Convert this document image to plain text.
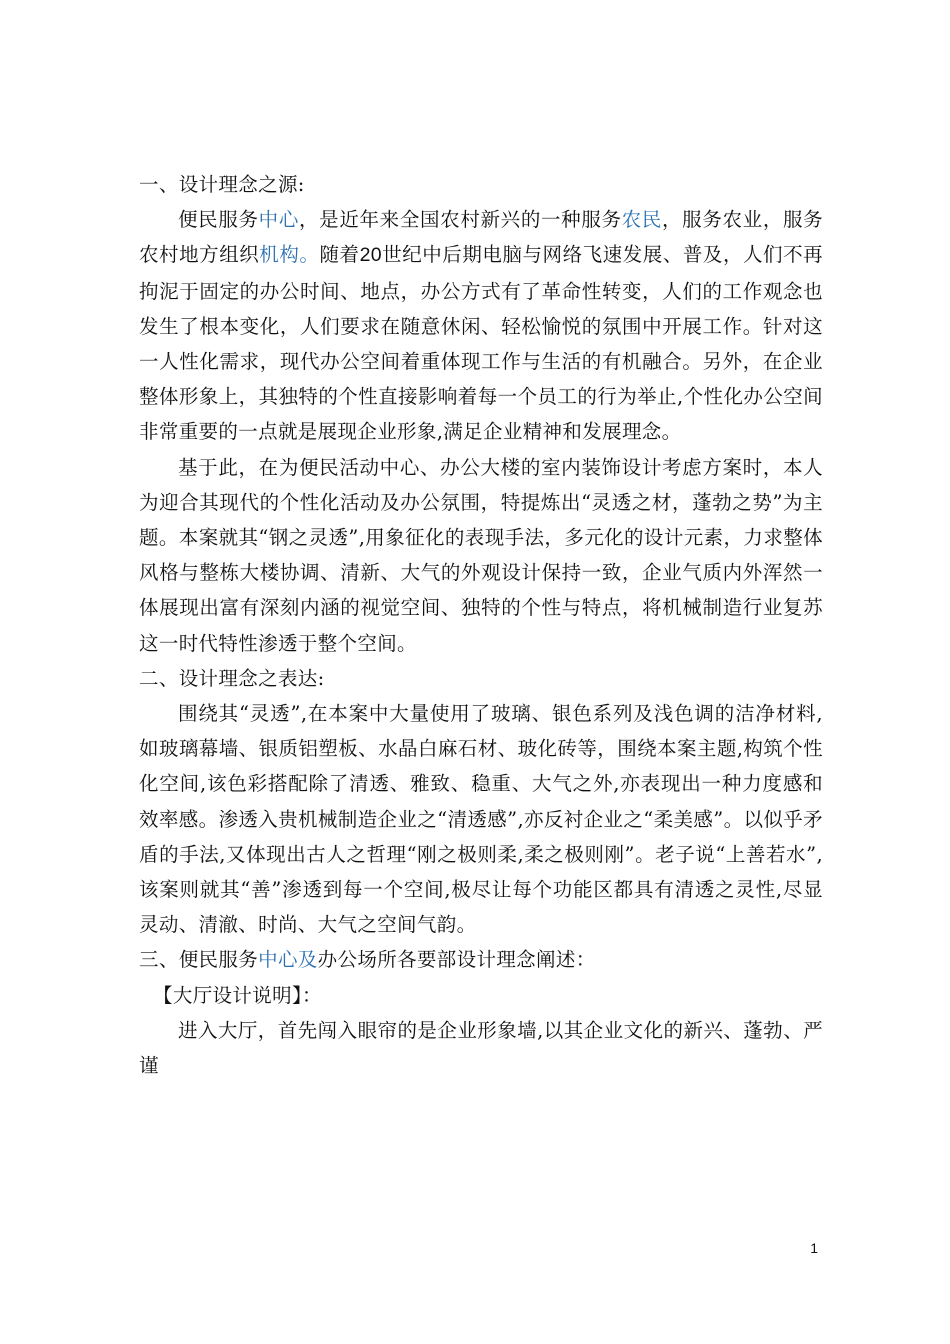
一、设计理念之源:

便民服务中心，是近年来全国农村新兴的一种服务农民，服务农业，服务农村地方组织机构。随着20世纪中后期电脑与网络飞速发展、普及，人们不再拘泥于固定的办公时间、地点，办公方式有了革命性转变，人们的工作观念也发生了根本变化，人们要求在随意休闲、轻松愉悦的氛围中开展工作。针对这一人性化需求，现代办公空间着重体现工作与生活的有机融合。另外，在企业整体形象上，其独特的个性直接影响着每一个员工的行为举止,个性化办公空间非常重要的一点就是展现企业形象,满足企业精神和发展理念。

基于此，在为便民活动中心、办公大楼的室内装饰设计考虑方案时，本人为迎合其现代的个性化活动及办公氛围，特提炼出“灵透之材，蓬勃之势”为主题。本案就其“钢之灵透”,用象征化的表现手法，多元化的设计元素，力求整体风格与整栋大楼协调、清新、大气的外观设计保持一致，企业气质内外浑然一体展现出富有深刻内涵的视觉空间、独特的个性与特点，将机械制造行业复苏这一时代特性渗透于整个空间。

二、设计理念之表达:

围绕其“灵透”,在本案中大量使用了玻璃、银色系列及浅色调的洁净材料,如玻璃幕墙、银质铝塑板、水晶白麻石材、玻化砖等，围绕本案主题,构筑个性化空间,该色彩搭配除了清透、雅致、稳重、大气之外,亦表现出一种力度感和效率感。渗透入贵机械制造企业之“清透感”,亦反衬企业之“柔美感”。以似乎矛盾的手法,又体现出古人之哲理“刚之极则柔,柔之极则刚”。老子说“上善若水”,该案则就其“善”渗透到每一个空间,极尽让每个功能区都具有清透之灵性,尽显灵动、清澈、时尚、大气之空间气韵。

三、便民服务中心及办公场所各要部设计理念阐述：

【大厅设计说明】：

进入大厅，首先闯入眼帘的是企业形象墙,以其企业文化的新兴、蓬勃、严谨

1
